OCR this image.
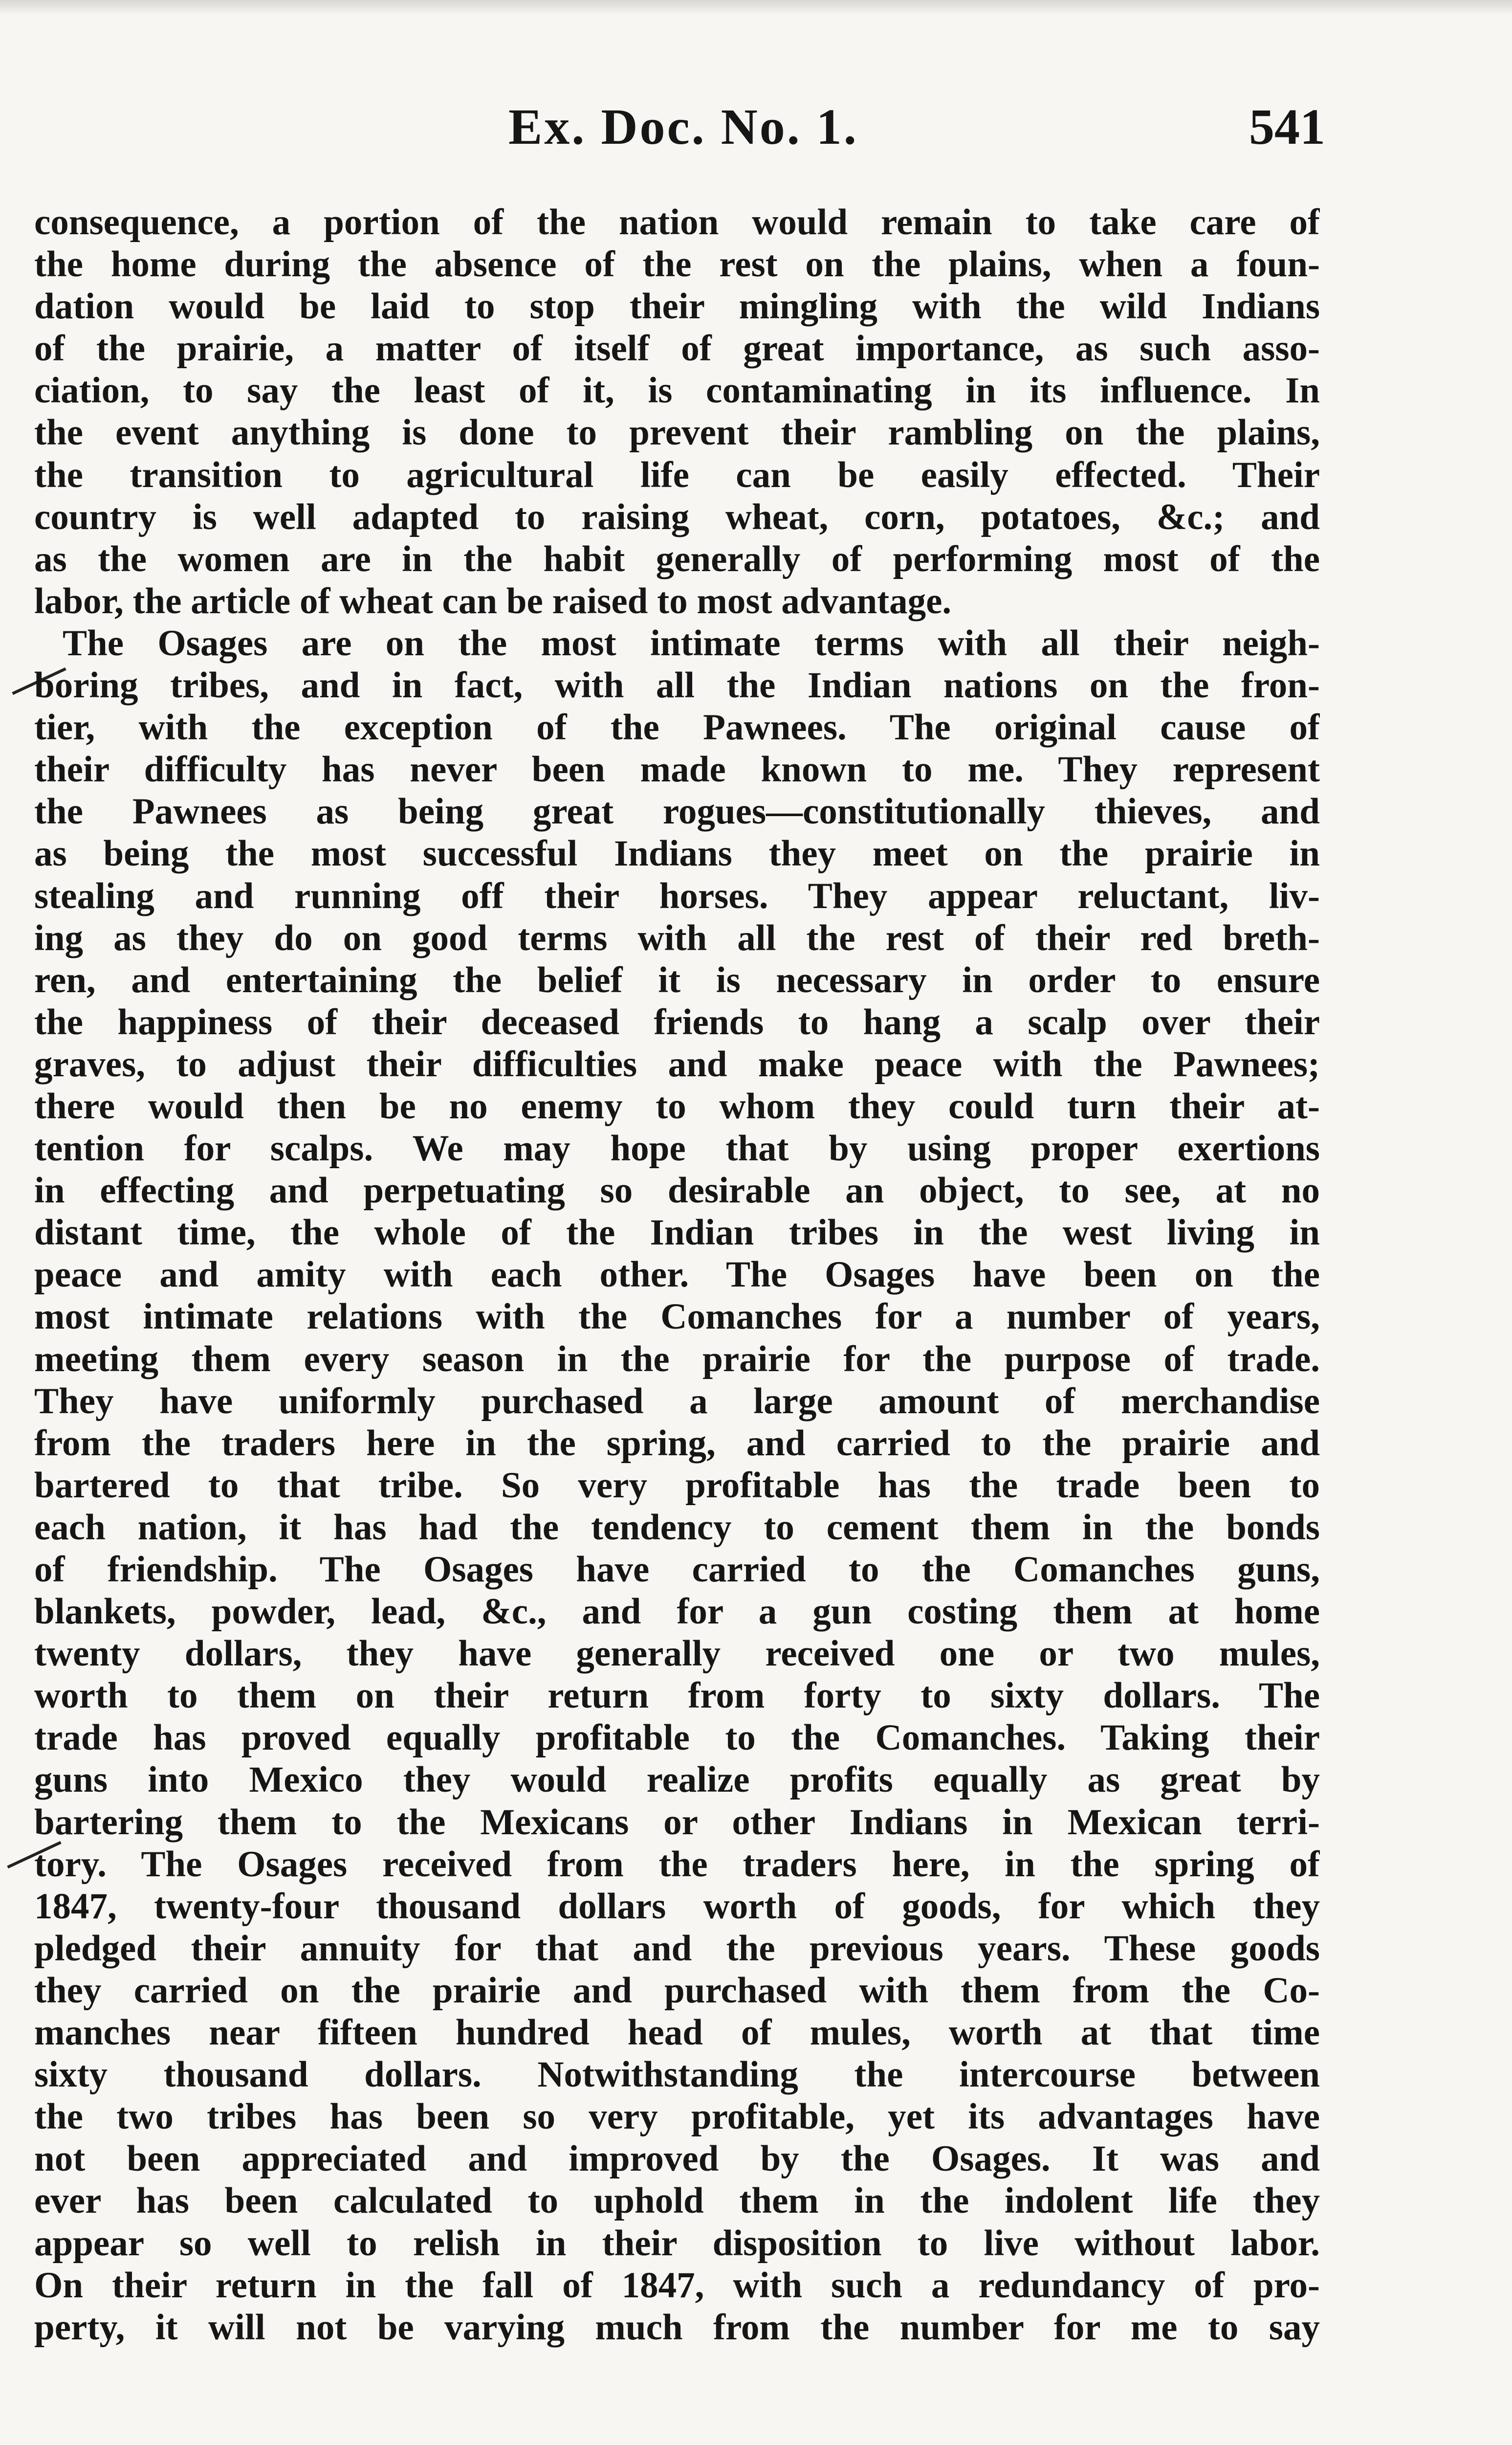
Ex. Doc. No. 1.	541
consequence, a portion of the nation would remain to take care of
the home during the absence of the rest on the plains, when a foun-
dation would be laid to stop their mingling with the wild Indians
of the prairie, a matter of itself of great importance, as such asso-
ciation, to say the least of it, is contaminating in its influence. In
the event anything is done to prevent their rambling on the plains,
the transition to agricultural life can be easily effected. Their
country is well adapted to raising wheat, corn, potatoes, &c.; and
as the women are in the habit generally of performing most of the
labor, the article of wheat can be raised to most advantage.
The Osages are on the most intimate terms with all their neigh-
boring tribes, and in fact, with all the Indian nations on the fron-
tier, with the exception of the Pawnees. The original cause of
their difficulty has never been made known to me. They represent
the Pawnees as being great rogues—constitutionally thieves, and
as being the most successful Indians they meet on the prairie in
stealing and running off their horses. They appear reluctant, liv-
ing as they do on good terms with all the rest of their red breth-
ren, and entertaining the belief it is necessary in order to ensure
the happiness of their deceased friends to hang a scalp over their
graves, to adjust their difficulties and make peace with the Pawnees;
there would then be no enemy to whom they could turn their at-
tention for scalps. We may hope that by using proper exertions
in effecting and perpetuating so desirable an object, to see, at no
distant time, the whole of the Indian tribes in the west living in
peace and amity with each other. The Osages have been on the
most intimate relations with the Comanches for a number of years,
meeting them every season in the prairie for the purpose of trade.
They have uniformly purchased a large amount of merchandise
from the traders here in the spring, and carried to the prairie and
bartered to that tribe. So very profitable has the trade been to
each nation, it has had the tendency to cement them in the bonds
of friendship. The Osages have carried to the Comanches guns,
blankets, powder, lead, &c., and for a gun costing them at home
twenty dollars, they have generally received one or two mules,
worth to them on their return from forty to sixty dollars. The
trade has proved equally profitable to the Comanches. Taking their
guns into Mexico they would realize profits equally as great by
bartering them to the Mexicans or other Indians in Mexican terri-
tory. The Osages received from the traders here, in the spring of
1847, twenty-four thousand dollars worth of goods, for which they
pledged their annuity for that and the previous years. These goods
they carried on the prairie and purchased with them from the Co-
manches near fifteen hundred head of mules, worth at that time
sixty thousand dollars. Notwithstanding the intercourse between
the two tribes has been so very profitable, yet its advantages have
not been appreciated and improved by the Osages. It was and
ever has been calculated to uphold them in the indolent life they
appear so well to relish in their disposition to live without labor.
On their return in the fall of 1847, with such a redundancy of pro-
perty, it will not be varying much from the number for me to say
